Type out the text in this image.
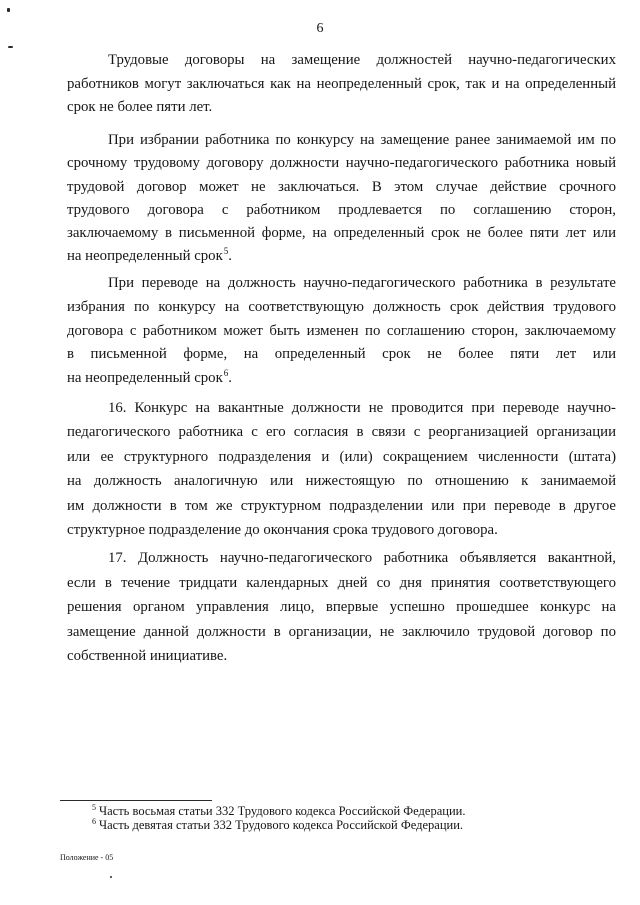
6
Трудовые договоры на замещение должностей научно-педагогических
работников могут заключаться как на неопределенный срок, так и на определенный
срок не более пяти лет.
При избрании работника по конкурсу на замещение ранее занимаемой им по
срочному трудовому договору должности научно-педагогического работника новый
трудовой договор может не заключаться. В этом случае действие срочного
трудового договора с работником продлевается по соглашению сторон,
заключаемому в письменной форме, на определенный срок не более пяти лет или
на неопределенный срок$^5$.
При переводе на должность научно-педагогического работника в результате
избрания по конкурсу на соответствующую должность срок действия трудового
договора с работником может быть изменен по соглашению сторон, заключаемому
в письменной форме, на определенный срок не более пяти лет или
на неопределенный срок$^6$.
16. Конкурс на вакантные должности не проводится при переводе научно-
педагогического работника с его согласия в связи с реорганизацией организации
или ее структурного подразделения и (или) сокращением численности (штата)
на должность аналогичную или нижестоящую по отношению к занимаемой
им должности в том же структурном подразделении или при переводе в другое
структурное подразделение до окончания срока трудового договора.
17. Должность научно-педагогического работника объявляется вакантной,
если в течение тридцати календарных дней со дня принятия соответствующего
решения органом управления лицо, впервые успешно прошедшее конкурс на
замещение данной должности в организации, не заключило трудовой договор по
собственной инициативе.
$^5$ Часть восьмая статьи 332 Трудового кодекса Российской Федерации.
$^6$ Часть девятая статьи 332 Трудового кодекса Российской Федерации.
Положение - 05
